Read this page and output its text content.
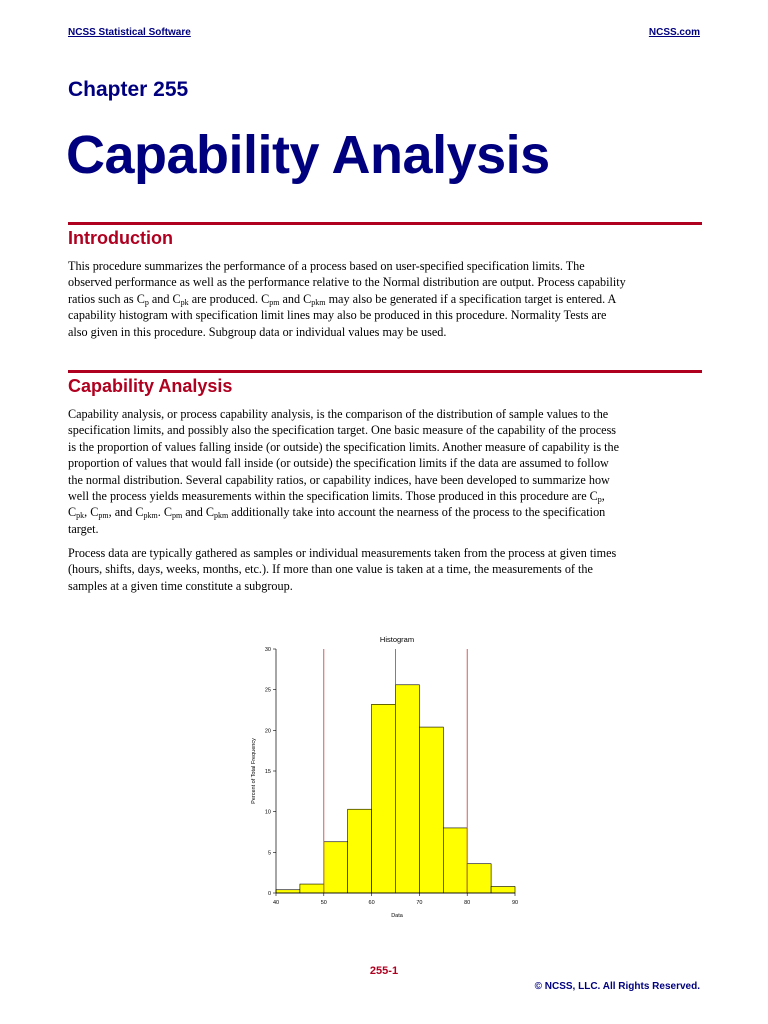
NCSS Statistical Software	NCSS.com
Chapter 255
Capability Analysis
Introduction

This procedure summarizes the performance of a process based on user-specified specification limits. The
observed performance as well as the performance relative to the Normal distribution are output. Process capability
ratios such as $C_p$ and $C_{pk}$ are produced. $C_{pm}$ and $C_{pkm}$ may also be generated if a specification target is entered. A
capability histogram with specification limit lines may also be produced in this procedure. Normality Tests are
also given in this procedure. Subgroup data or individual values may be used.

Capability Analysis

Capability analysis, or process capability analysis, is the comparison of the distribution of sample values to the
specification limits, and possibly also the specification target. One basic measure of the capability of the process
is the proportion of values falling inside (or outside) the specification limits. Another measure of capability is the
proportion of values that would fall inside (or outside) the specification limits if the data are assumed to follow
the normal distribution. Several capability ratios, or capability indices, have been developed to summarize how
well the process yields measurements within the specification limits. Those produced in this procedure are $C_p$,
$C_{pk}$, $C_{pm}$, and $C_{pkm}$. $C_{pm}$ and $C_{pkm}$ additionally take into account the nearness of the process to the specification
target.

Process data are typically gathered as samples or individual measurements taken from the process at given times
(hours, shifts, days, weeks, months, etc.). If more than one value is taken at a time, the measurements of the
samples at a given time constitute a subgroup.

Histogram
Data
Percent of Total Frequency
0
5
10
15
20
25
30
40	50	60	70	80	90
255-1
© NCSS, LLC. All Rights Reserved.
